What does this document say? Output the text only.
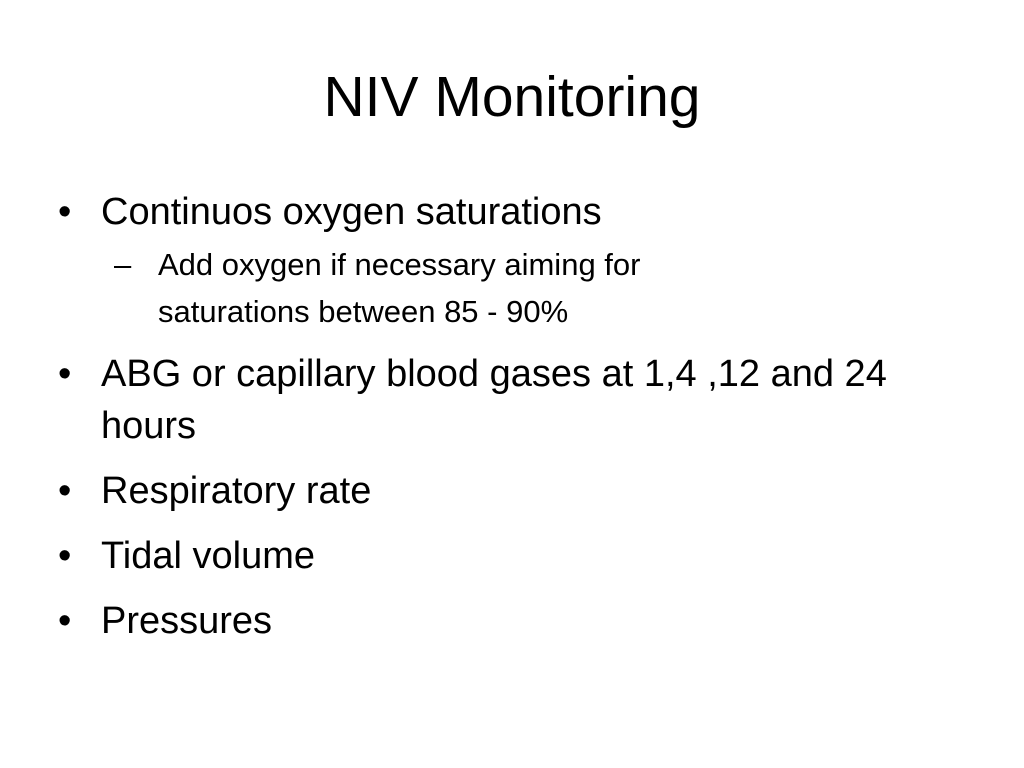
NIV Monitoring
• Continuos oxygen saturations
– Add oxygen if necessary aiming for saturations between 85 - 90%
• ABG or capillary blood gases at 1,4 ,12 and 24 hours
• Respiratory rate
• Tidal volume
• Pressures
